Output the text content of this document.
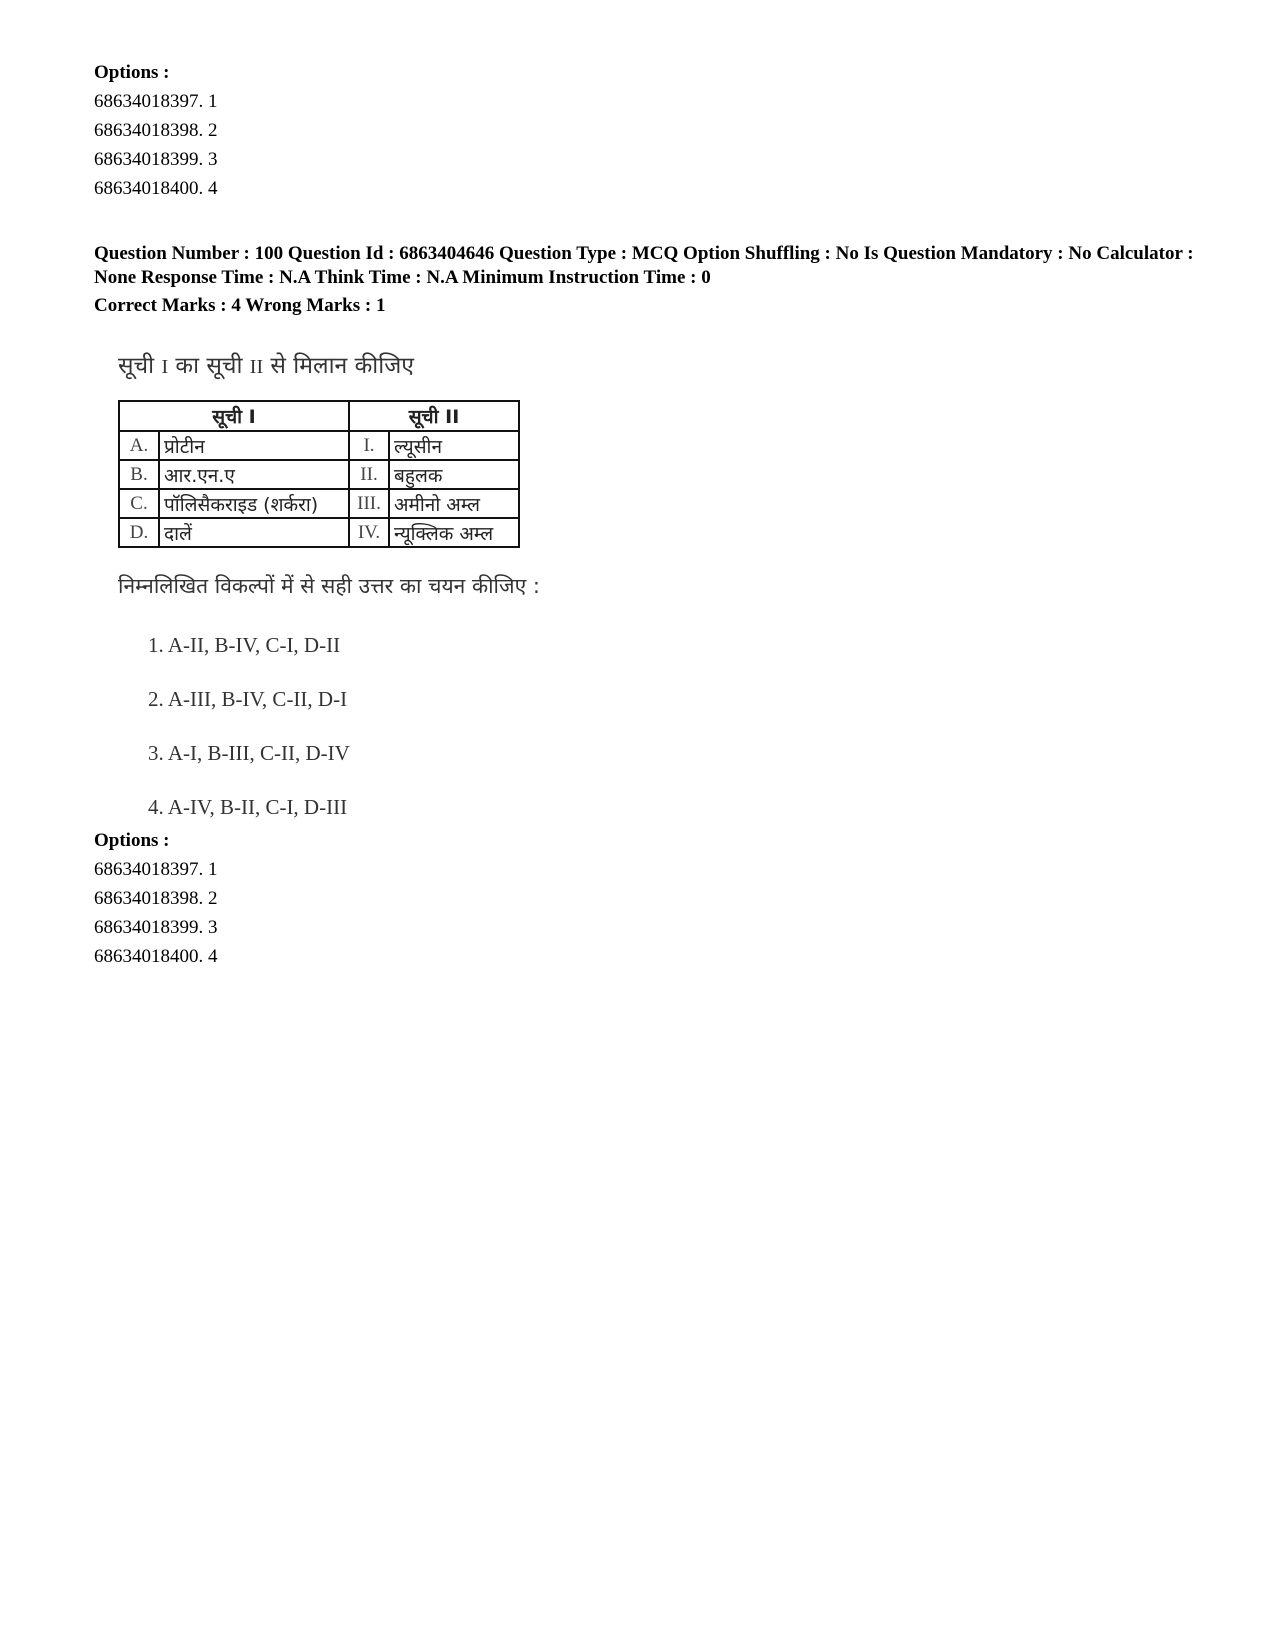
Options :
68634018397. 1
68634018398. 2
68634018399. 3
68634018400. 4
Question Number : 100 Question Id : 6863404646 Question Type : MCQ Option Shuffling : No Is Question Mandatory : No Calculator : None Response Time : N.A Think Time : N.A Minimum Instruction Time : 0
Correct Marks : 4 Wrong Marks : 1
सूची I का सूची II से मिलान कीजिए
सूची I		सूची II	
A.	प्रोटीन	I.	ल्यूसीन
B.	आर.एन.ए	II.	बहुलक
C.	पॉलिसैकराइड (शर्करा)	III.	अमीनो अम्ल
D.	दालें	IV.	न्यूक्लिक अम्ल
निम्नलिखित विकल्पों में से सही उत्तर का चयन कीजिए :
1. A-II, B-IV, C-I, D-II
2. A-III, B-IV, C-II, D-I
3. A-I, B-III, C-II, D-IV
4. A-IV, B-II, C-I, D-III
Options :
68634018397. 1
68634018398. 2
68634018399. 3
68634018400. 4
